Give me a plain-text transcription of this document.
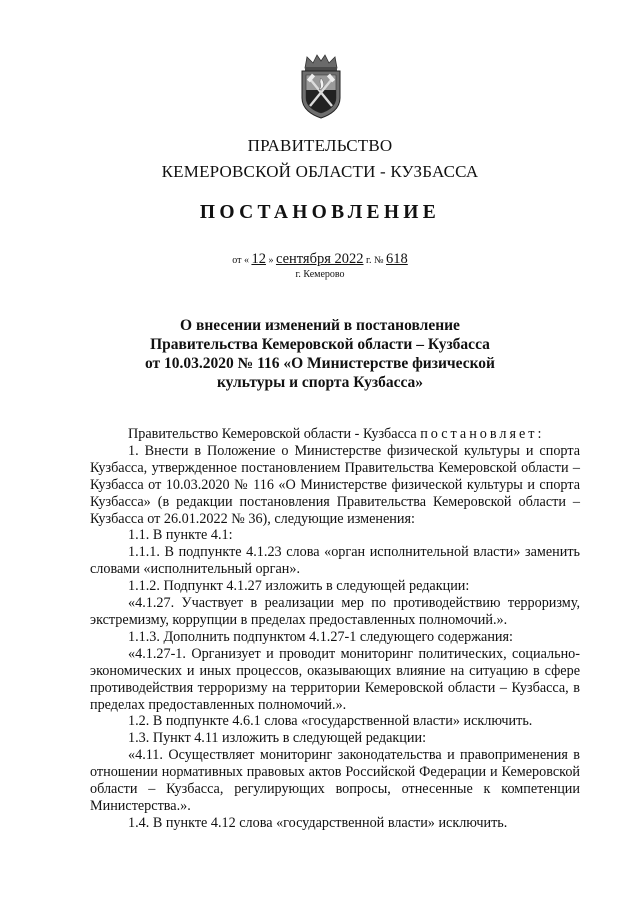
ПРАВИТЕЛЬСТВО
КЕМЕРОВСКОЙ ОБЛАСТИ - КУЗБАССА
ПОСТАНОВЛЕНИЕ
от « 12 » сентября 2022 г. № 618
г. Кемерово
О внесении изменений в постановление
Правительства Кемеровской области – Кузбасса
от 10.03.2020 № 116 «О Министерстве физической
культуры и спорта Кузбасса»

Правительство Кемеровской области - Кузбасса постановляет:

1. Внести в Положение о Министерстве физической культуры и спорта Кузбасса, утвержденное постановлением Правительства Кемеровской области – Кузбасса от 10.03.2020 № 116 «О Министерстве физической культуры и спорта Кузбасса» (в редакции постановления Правительства Кемеровской области – Кузбасса от 26.01.2022 № 36), следующие изменения:

1.1. В пункте 4.1:

1.1.1. В подпункте 4.1.23 слова «орган исполнительной власти» заменить словами «исполнительный орган».

1.1.2. Подпункт 4.1.27 изложить в следующей редакции:

«4.1.27. Участвует в реализации мер по противодействию терроризму, экстремизму, коррупции в пределах предоставленных полномочий.».

1.1.3. Дополнить подпунктом 4.1.27-1 следующего содержания:

«4.1.27-1. Организует и проводит мониторинг политических, социально-экономических и иных процессов, оказывающих влияние на ситуацию в сфере противодействия терроризму на территории Кемеровской области – Кузбасса, в пределах предоставленных полномочий.».

1.2. В подпункте 4.6.1 слова «государственной власти» исключить.

1.3. Пункт 4.11 изложить в следующей редакции:

«4.11. Осуществляет мониторинг законодательства и правоприменения в отношении нормативных правовых актов Российской Федерации и Кемеровской области – Кузбасса, регулирующих вопросы, отнесенные к компетенции Министерства.».

1.4. В пункте 4.12 слова «государственной власти» исключить.
